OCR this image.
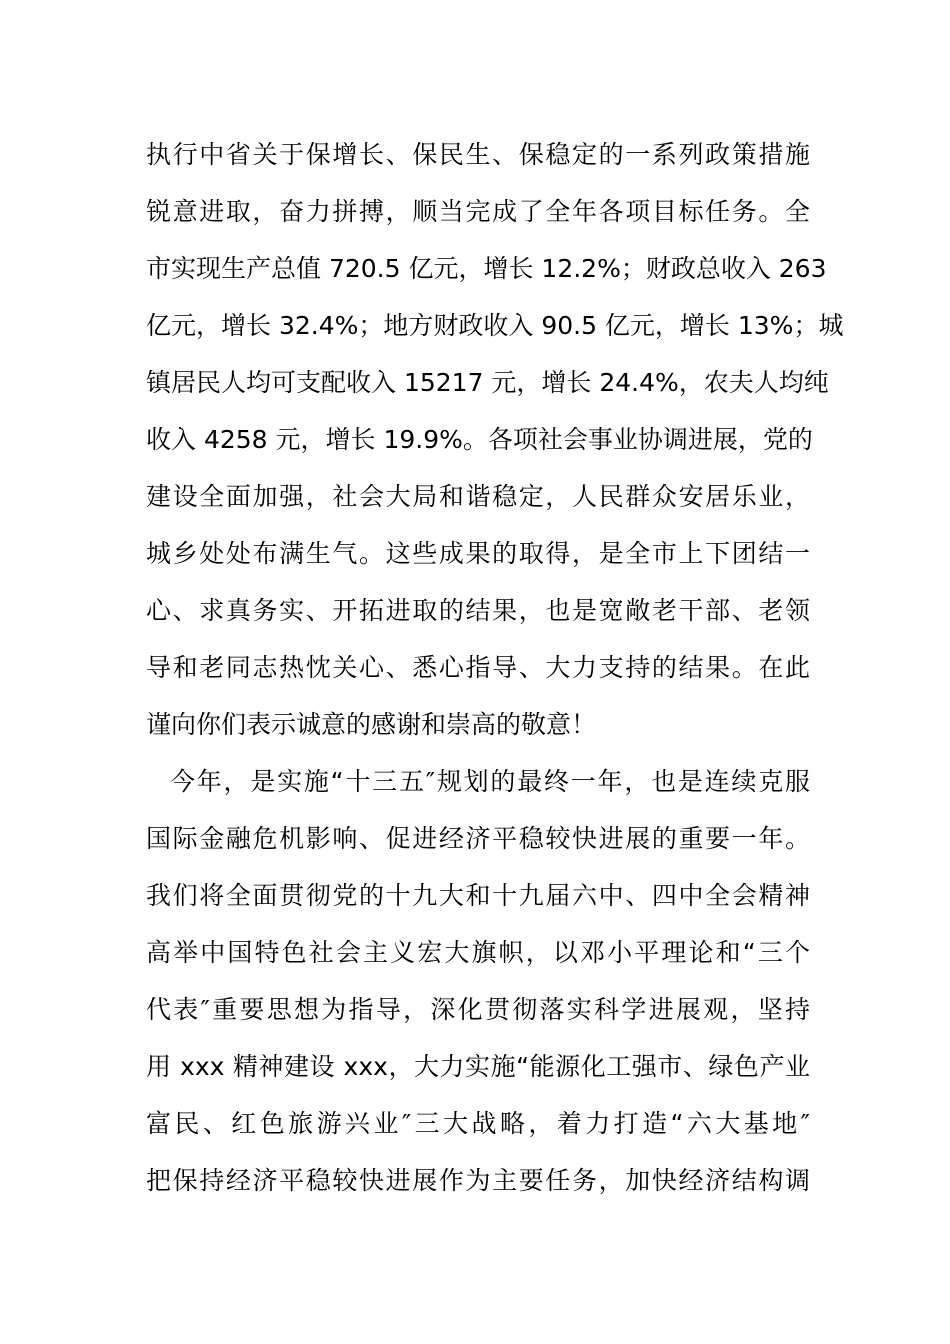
执行中省关于保增长、保民生、保稳定的一系列政策措施
锐意进取，奋力拼搏，顺当完成了全年各项目标任务。全
市实现生产总值 720.5 亿元，增长 12.2%；财政总收入 263
亿元，增长 32.4%；地方财政收入 90.5 亿元，增长 13%；城
镇居民人均可支配收入 15217 元，增长 24.4%，农夫人均纯
收入 4258 元，增长 19.9%。各项社会事业协调进展，党的
建设全面加强，社会大局和谐稳定，人民群众安居乐业，
城乡处处布满生气。这些成果的取得，是全市上下团结一
心、求真务实、开拓进取的结果，也是宽敞老干部、老领
导和老同志热忱关心、悉心指导、大力支持的结果。在此
谨向你们表示诚意的感谢和崇高的敬意！
今年，是实施“十三五″规划的最终一年，也是连续克服
国际金融危机影响、促进经济平稳较快进展的重要一年。
我们将全面贯彻党的十九大和十九届六中、四中全会精神
高举中国特色社会主义宏大旗帜，以邓小平理论和“三个
代表″重要思想为指导，深化贯彻落实科学进展观，坚持
用 xxx 精神建设 xxx，大力实施“能源化工强市、绿色产业
富民、红色旅游兴业″三大战略，着力打造“六大基地″
把保持经济平稳较快进展作为主要任务，加快经济结构调
